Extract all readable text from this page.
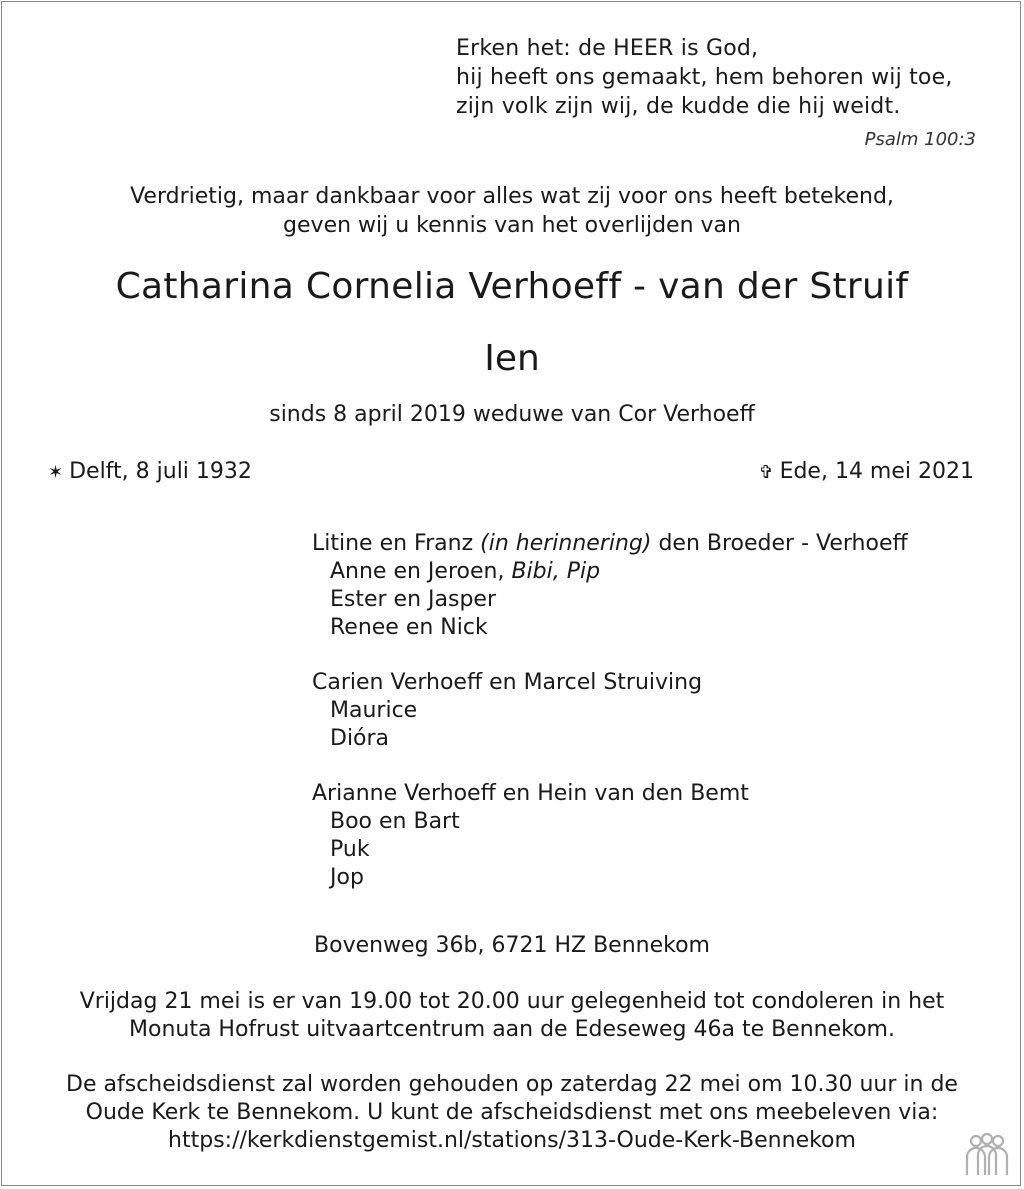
Erken het: de HEER is God,
hij heeft ons gemaakt, hem behoren wij toe,
zijn volk zijn wij, de kudde die hij weidt.
Psalm 100:3
Verdrietig, maar dankbaar voor alles wat zij voor ons heeft betekend,
geven wij u kennis van het overlijden van
Catharina Cornelia Verhoeff - van der Struif
Ien
sinds 8 april 2019 weduwe van Cor Verhoeff
✶ Delft, 8 juli 1932	✞ Ede, 14 mei 2021
Litine en Franz (in herinnering) den Broeder - Verhoeff
Anne en Jeroen, Bibi, Pip
Ester en Jasper
Renee en Nick
Carien Verhoeff en Marcel Struiving
Maurice
Dióra
Arianne Verhoeff en Hein van den Bemt
Boo en Bart
Puk
Jop
Bovenweg 36b, 6721 HZ Bennekom
Vrijdag 21 mei is er van 19.00 tot 20.00 uur gelegenheid tot condoleren in het
Monuta Hofrust uitvaartcentrum aan de Edeseweg 46a te Bennekom.
De afscheidsdienst zal worden gehouden op zaterdag 22 mei om 10.30 uur in de
Oude Kerk te Bennekom. U kunt de afscheidsdienst met ons meebeleven via:
https://kerkdienstgemist.nl/stations/313-Oude-Kerk-Bennekom
